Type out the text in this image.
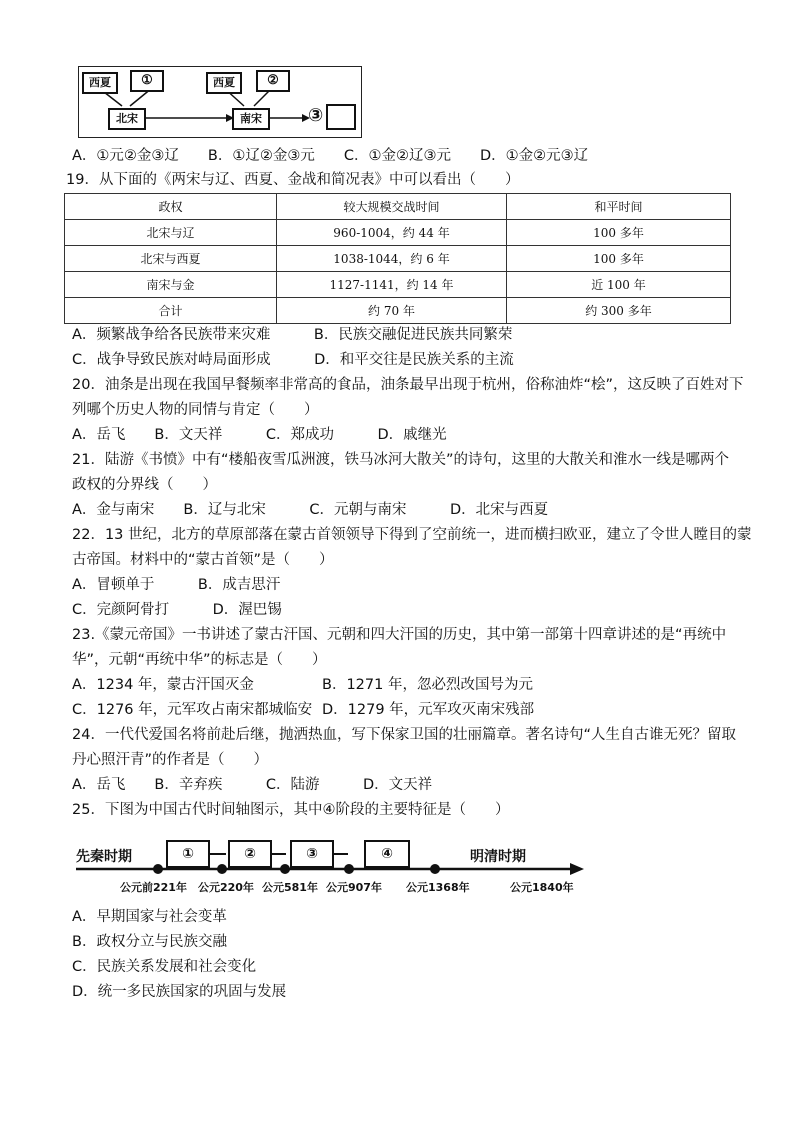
西夏	①
北宋
西夏	②
南宋	③
A．①元②金③辽　　B．①辽②金③元　　C．①金②辽③元　　D．①金②元③辽
19．从下面的《两宋与辽、西夏、金战和简况表》中可以看出（　　）
政权	较大规模交战时间	和平时间
北宋与辽	960-1004，约 44 年	100 多年
北宋与西夏	1038-1044，约 6 年	100 多年
南宋与金	1127-1141，约 14 年	近 100 年
合计	约 70 年	约 300 多年
A．频繁战争给各民族带来灾难　　　B．民族交融促进民族共同繁荣
C．战争导致民族对峙局面形成　　　D．和平交往是民族关系的主流
20．油条是出现在我国早餐频率非常高的食品，油条最早出现于杭州，俗称油炸“桧”，这反映了百姓对下
列哪个历史人物的同情与肯定（　　）
A．岳飞　　B．文天祥　　　C．郑成功　　　D．戚继光
21．陆游《书愤》中有“楼船夜雪瓜洲渡，铁马冰河大散关”的诗句，这里的大散关和淮水一线是哪两个
政权的分界线（　　）
A．金与南宋　　B．辽与北宋　　　C．元朝与南宋　　　D．北宋与西夏
22．13 世纪，北方的草原部落在蒙古首领领导下得到了空前统一，进而横扫欧亚，建立了令世人瞠目的蒙
古帝国。材料中的“蒙古首领”是（　　）
A．冒顿单于　　　B．成吉思汗
C．完颜阿骨打　　　D．渥巴锡
23.《蒙元帝国》一书讲述了蒙古汗国、元朝和四大汗国的历史，其中第一部第十四章讲述的是“再统中
华”，元朝“再统中华”的标志是（　　）
A．1234 年，蒙古汗国灭金	B．1271 年，忽必烈改国号为元
C．1276 年，元军攻占南宋都城临安 D．1279 年，元军攻灭南宋残部
24．一代代爱国名将前赴后继，抛洒热血，写下保家卫国的壮丽篇章。著名诗句“人生自古谁无死？留取
丹心照汗青”的作者是（　　）
A．岳飞　　B．辛弃疾　　　C．陆游　　　D．文天祥
25．下图为中国古代时间轴图示，其中④阶段的主要特征是（　　）
先秦时期	明清时期
①	②	③	④
公元前221年 公元220年 公元581年 公元907年 公元1368年	公元1840年
A．早期国家与社会变革
B．政权分立与民族交融
C．民族关系发展和社会变化
D．统一多民族国家的巩固与发展
